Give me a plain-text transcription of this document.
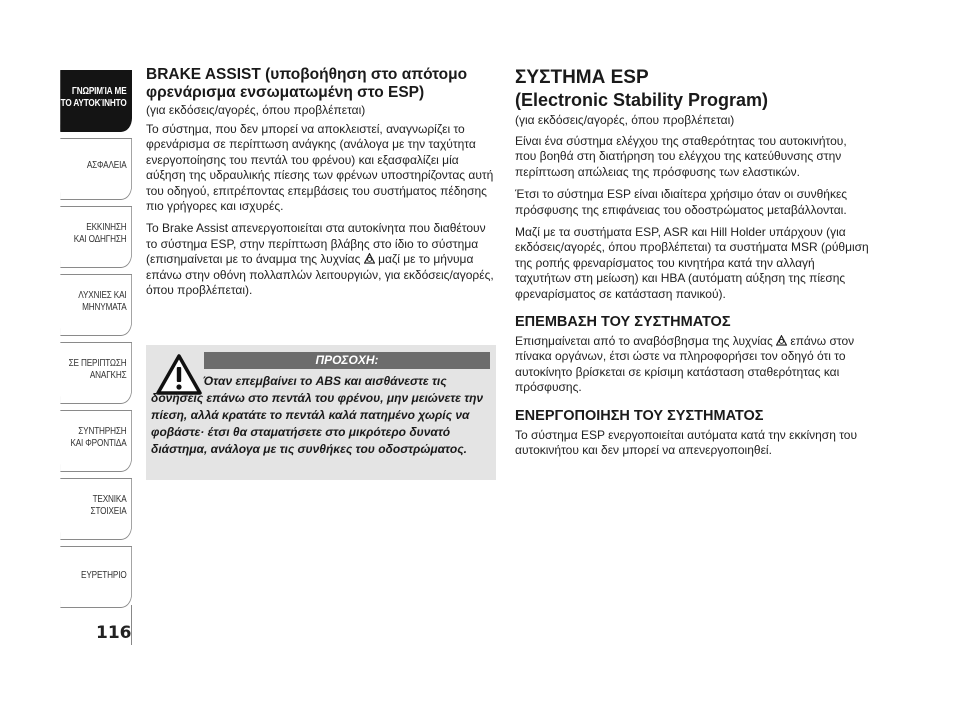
ΓΝΩΡΙΜΊΑ ΜΕ
ΤΟ ΑΥΤΟΚΊΝΗΤΟ
ΑΣΦΑΛΕΙΑ
ΕΚΚΙΝΗΣΗ
ΚΑΙ ΟΔΗΓΗΣΗ
ΛΥΧΝΙΕΣ ΚΑΙ
ΜΗΝΥΜΑΤΑ
ΣΕ ΠΕΡΙΠΤΩΣΗ
ΑΝΑΓΚΗΣ
ΣΥΝΤΗΡΗΣΗ
ΚΑΙ ΦΡΟΝΤΙΔΑ
ΤΕΧΝΙΚΑ
ΣΤΟΙΧΕΙΑ
ΕΥΡΕΤΗΡΙΟ
116
BRAKE ASSIST (υποβοήθηση στο απότομο
φρενάρισμα ενσωματωμένη στο ESP)

(για εκδόσεις/αγορές, όπου προβλέπεται)

Το σύστημα, που δεν μπορεί να αποκλειστεί, αναγνωρίζει το φρενάρισμα σε περίπτωση ανάγκης (ανάλογα με την ταχύτητα ενεργοποίησης του πεντάλ του φρένου) και εξασφαλίζει μία αύξηση της υδραυλικής πίεσης των φρένων υποστηρίζοντας αυτή του οδηγού, επιτρέποντας επεμβάσεις του συστήματος πέδησης πιο γρήγορες και ισχυρές.

Το Brake Assist απενεργοποιείται στα αυτοκίνητα που διαθέτουν το σύστημα ESP, στην περίπτωση βλάβης στο ίδιο το σύστημα (επισημαίνεται με το άναμμα της λυχνίας  μαζί με το μήνυμα επάνω στην οθόνη πολλαπλών λειτουργιών, για εκδόσεις/αγορές, όπου προβλέπεται).

ΠΡΟΣΟΧΗ:
Όταν επεμβαίνει το ABS και αισθάνεστε τις δονήσεις επάνω στο πεντάλ του φρένου, μην μειώνετε την πίεση, αλλά κρατάτε το πεντάλ καλά πατημένο χωρίς να φοβάστε· έτσι θα σταματήσετε στο μικρότερο δυνατό διάστημα, ανάλογα με τις συνθήκες του οδοστρώματος.
ΣΥΣΤΗΜΑ ESP
(Electronic Stability Program)

(για εκδόσεις/αγορές, όπου προβλέπεται)

Είναι ένα σύστημα ελέγχου της σταθερότητας του αυτοκινήτου, που βοηθά στη διατήρηση του ελέγχου της κατεύθυνσης στην περίπτωση απώλειας της πρόσφυσης των ελαστικών.

Έτσι το σύστημα ESP είναι ιδιαίτερα χρήσιμο όταν οι συνθήκες πρόσφυσης της επιφάνειας του οδοστρώματος μεταβάλλονται.

Μαζί με τα συστήματα ESP, ASR και Hill Holder υπάρχουν (για εκδόσεις/αγορές, όπου προβλέπεται) τα συστήματα MSR (ρύθμιση της ροπής φρεναρίσματος του κινητήρα κατά την αλλαγή ταχυτήτων στη μείωση) και HBA (αυτόματη αύξηση της πίεσης φρεναρίσματος σε κατάσταση πανικού).

ΕΠΕΜΒΑΣΗ ΤΟΥ ΣΥΣΤΗΜΑΤΟΣ

Επισημαίνεται από το αναβόσβησμα της λυχνίας  επάνω στον πίνακα οργάνων, έτσι ώστε να πληροφορήσει τον οδηγό ότι το αυτοκίνητο βρίσκεται σε κρίσιμη κατάσταση σταθερότητας και πρόσφυσης.

ΕΝΕΡΓΟΠΟΙΗΣΗ ΤΟΥ ΣΥΣΤΗΜΑΤΟΣ

Το σύστημα ESP ενεργοποιείται αυτόματα κατά την εκκίνηση του αυτοκινήτου και δεν μπορεί να απενεργοποιηθεί.
